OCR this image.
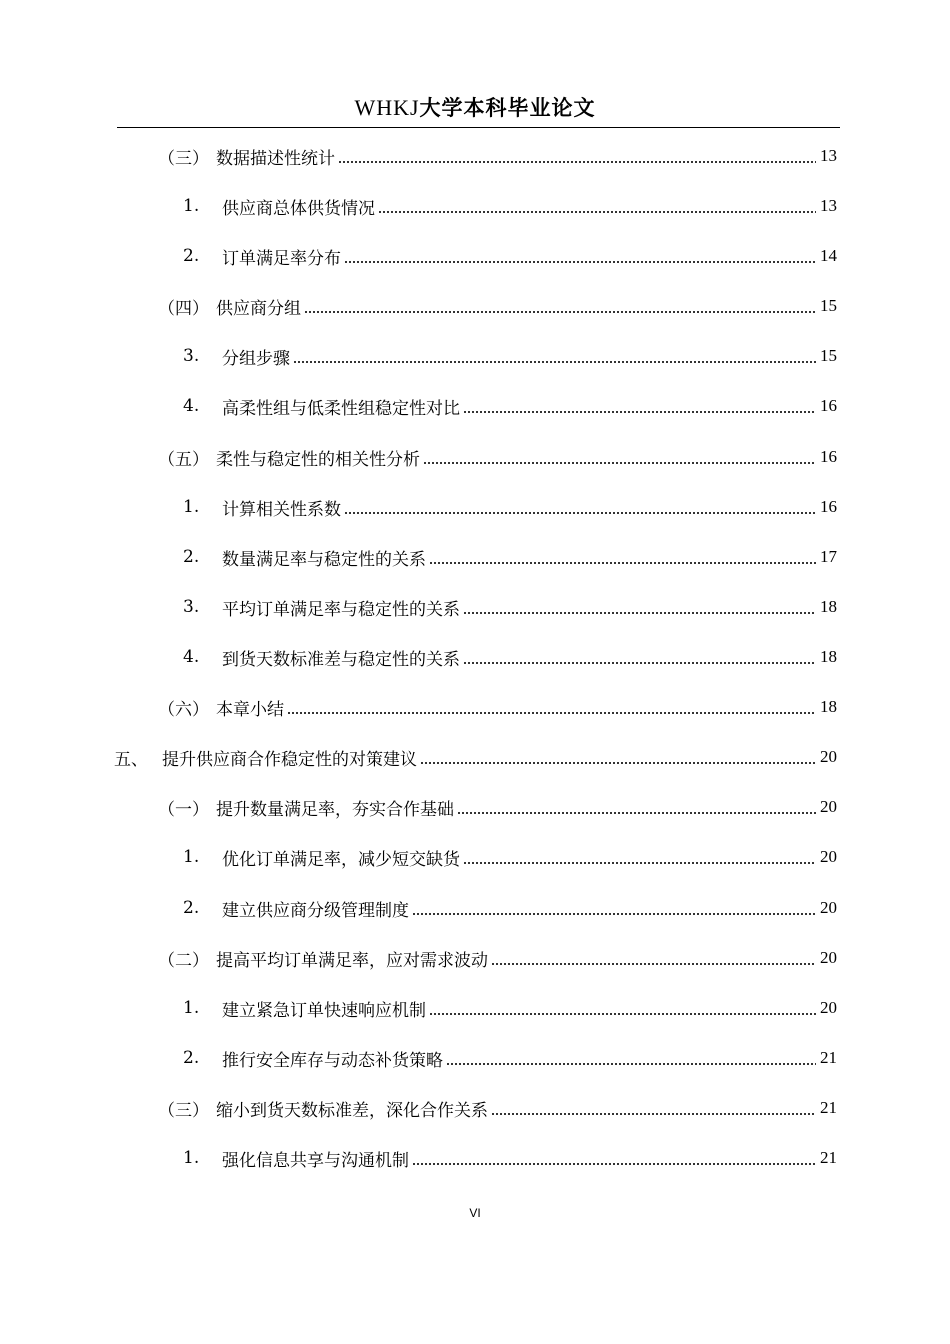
WHKJ大学本科毕业论文
（三） 数据描述性统计	13
1.	供应商总体供货情况	13
2.	订单满足率分布	14
（四） 供应商分组	15
3.	分组步骤	15
4.	高柔性组与低柔性组稳定性对比	16
（五） 柔性与稳定性的相关性分析	16
1.	计算相关性系数	16
2.	数量满足率与稳定性的关系	17
3.	平均订单满足率与稳定性的关系	18
4.	到货天数标准差与稳定性的关系	18
（六） 本章小结	18
五、 提升供应商合作稳定性的对策建议	20
（一） 提升数量满足率，夯实合作基础	20
1.	优化订单满足率，减少短交缺货	20
2.	建立供应商分级管理制度	20
（二） 提高平均订单满足率，应对需求波动	20
1.	建立紧急订单快速响应机制	20
2.	推行安全库存与动态补货策略	21
（三） 缩小到货天数标准差，深化合作关系	21
1.	强化信息共享与沟通机制	21
VI
